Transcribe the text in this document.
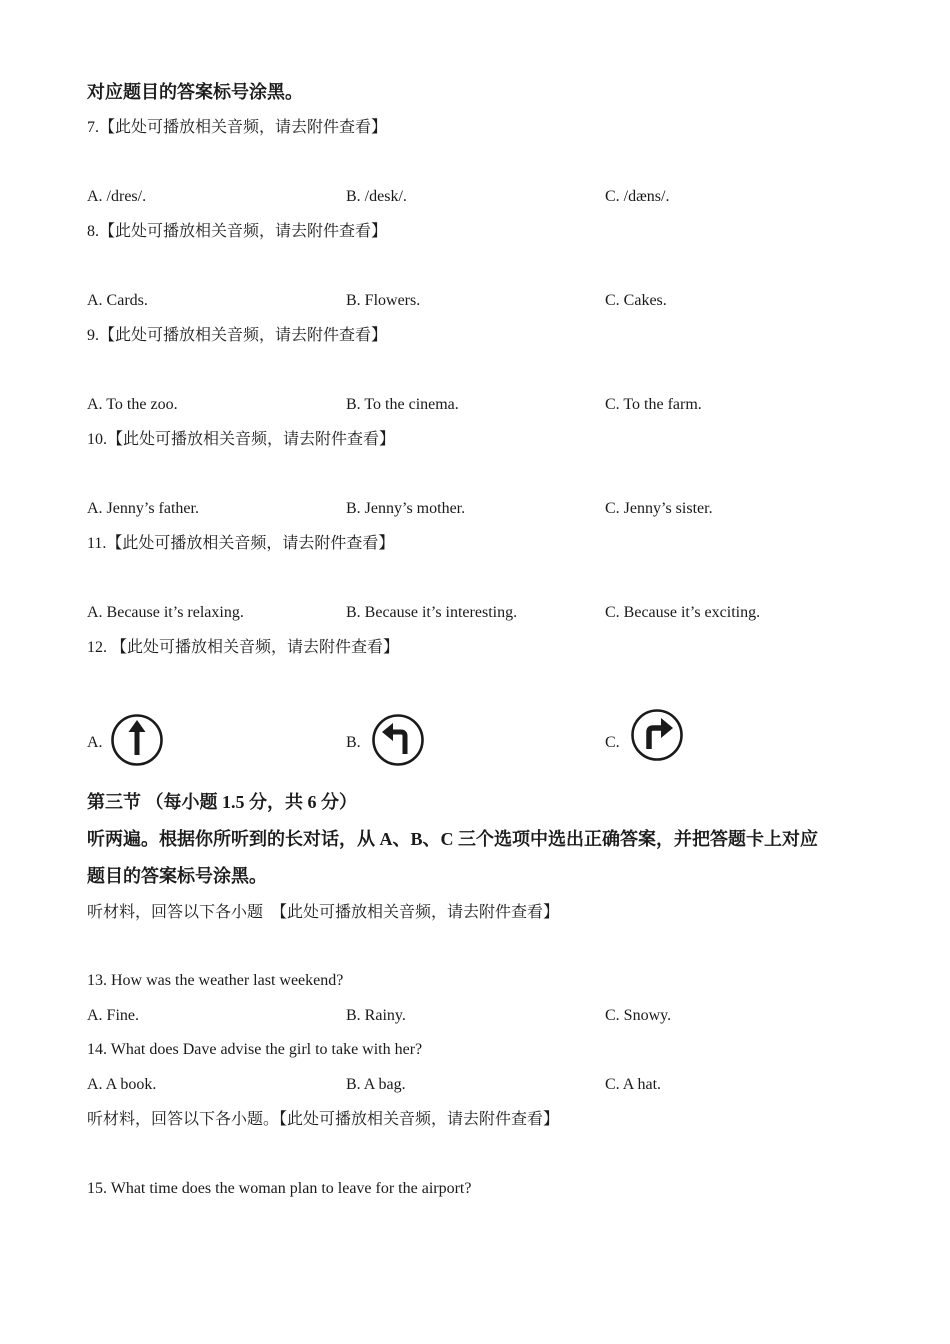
对应题目的答案标号涂黑。
7.【此处可播放相关音频，请去附件查看】
A. /dres/.	B. /desk/.	C. /dæns/.
8.【此处可播放相关音频，请去附件查看】
A. Cards.	B. Flowers.	C. Cakes.
9.【此处可播放相关音频，请去附件查看】
A. To the zoo.	B. To the cinema.	C. To the farm.
10.【此处可播放相关音频，请去附件查看】
A. Jenny’s father.	B. Jenny’s mother.	C. Jenny’s sister.
11.【此处可播放相关音频，请去附件查看】
A. Because it’s relaxing.	B. Because it’s interesting.	C. Because it’s exciting.
12. 【此处可播放相关音频，请去附件查看】
A.	B.	C.
第三节 （每小题 1.5 分，共 6 分）
听两遍。根据你所听到的长对话，从 A、B、C 三个选项中选出正确答案，并把答题卡上对应
题目的答案标号涂黑。
听材料，回答以下各小题　【此处可播放相关音频，请去附件查看】
13. How was the weather last weekend?
A. Fine.	B. Rainy.	C. Snowy.
14. What does Dave advise the girl to take with her?
A. A book.	B. A bag.	C. A hat.
听材料，回答以下各小题。【此处可播放相关音频，请去附件查看】
15. What time does the woman plan to leave for the airport?
